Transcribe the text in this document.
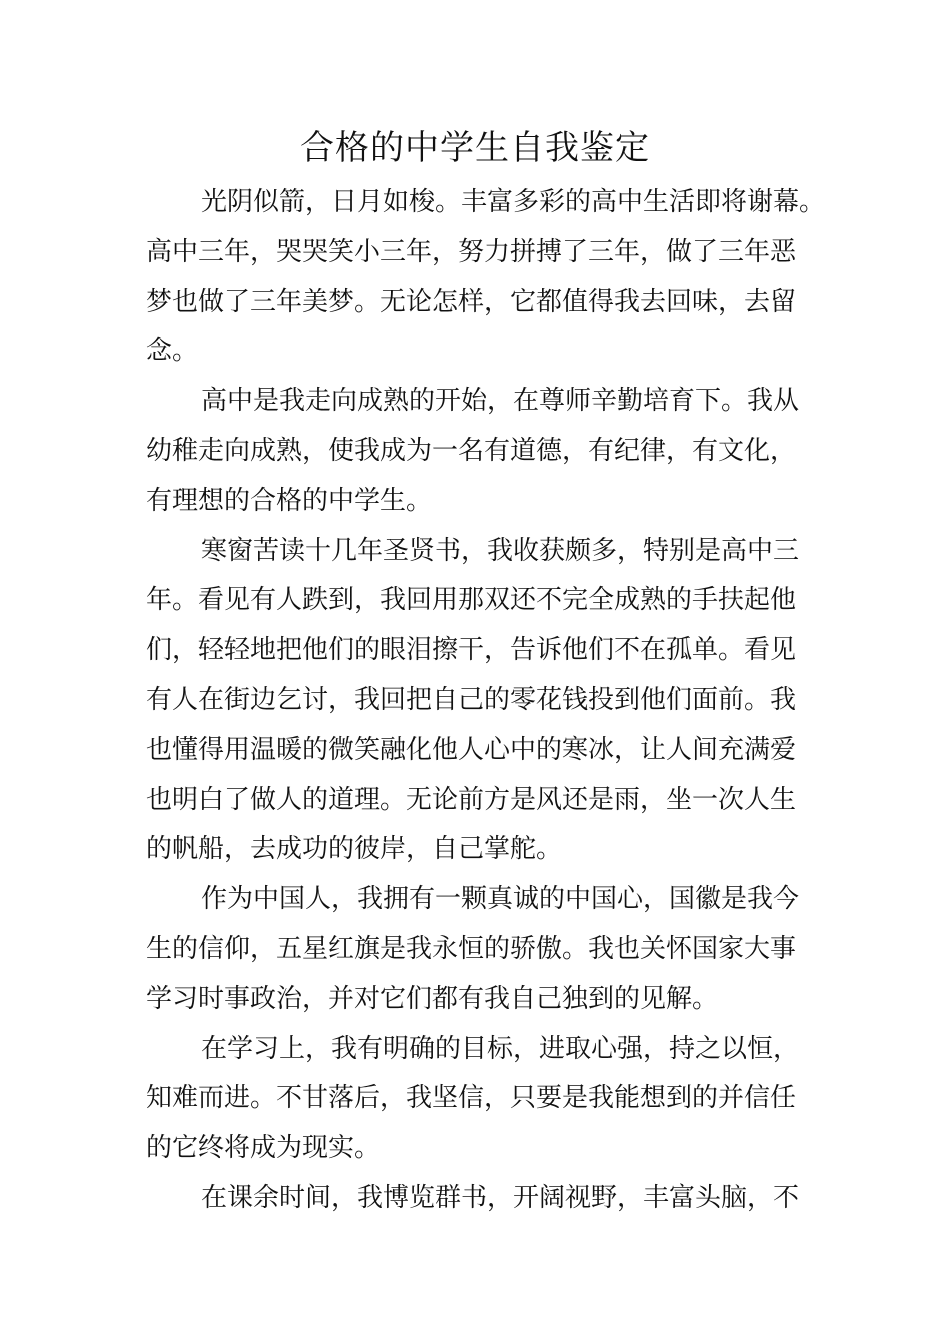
合格的中学生自我鉴定

光阴似箭，日月如梭。丰富多彩的高中生活即将谢幕。
高中三年，哭哭笑小三年，努力拼搏了三年，做了三年恶
梦也做了三年美梦。无论怎样，它都值得我去回味，去留
念。

高中是我走向成熟的开始，在尊师辛勤培育下。我从
幼稚走向成熟，使我成为一名有道德，有纪律，有文化，
有理想的合格的中学生。

寒窗苦读十几年圣贤书，我收获颇多，特别是高中三
年。看见有人跌到，我回用那双还不完全成熟的手扶起他
们，轻轻地把他们的眼泪擦干，告诉他们不在孤单。看见
有人在街边乞讨，我回把自己的零花钱投到他们面前。我
也懂得用温暖的微笑融化他人心中的寒冰，让人间充满爱
也明白了做人的道理。无论前方是风还是雨，坐一次人生
的帆船，去成功的彼岸，自己掌舵。

作为中国人，我拥有一颗真诚的中国心，国徽是我今
生的信仰，五星红旗是我永恒的骄傲。我也关怀国家大事
学习时事政治，并对它们都有我自己独到的见解。

在学习上，我有明确的目标，进取心强，持之以恒，
知难而进。不甘落后，我坚信，只要是我能想到的并信任
的它终将成为现实。

在课余时间，我博览群书，开阔视野，丰富头脑，不
